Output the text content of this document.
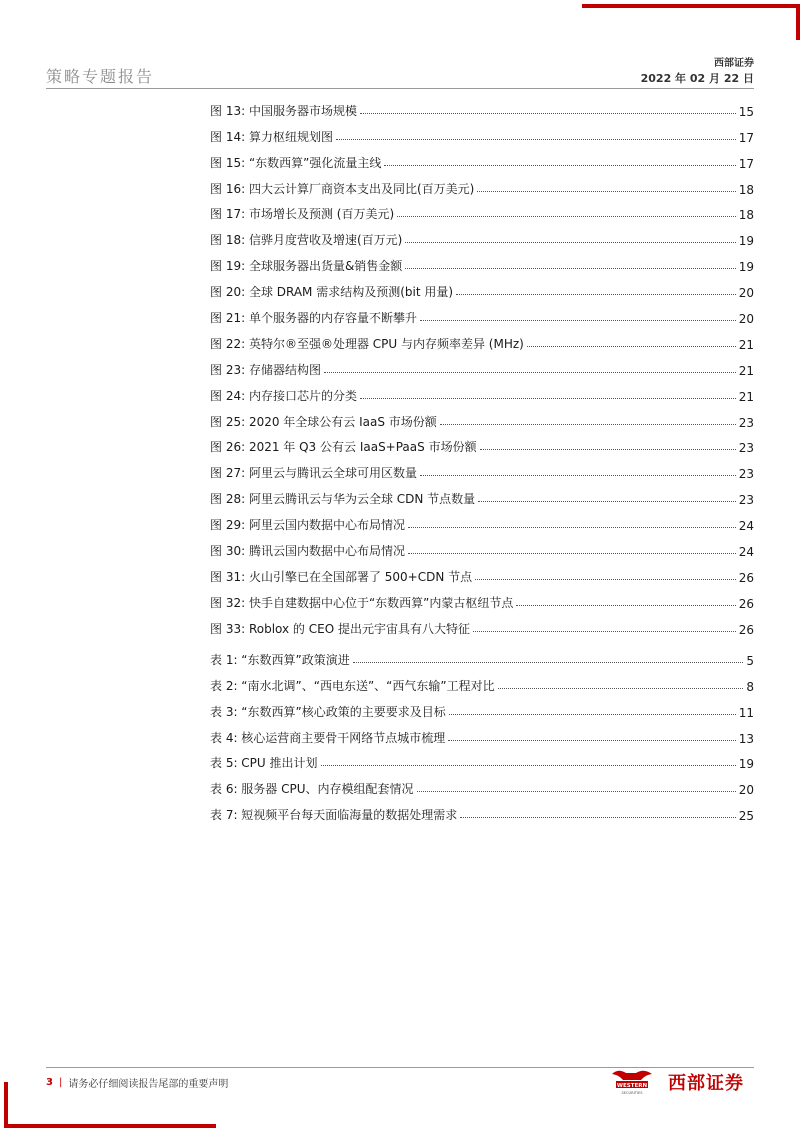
策略专题报告
西部证券
2022 年 02 月 22 日
图 13: 中国服务器市场规模	15
图 14: 算力枢纽规划图	17
图 15: “东数西算”强化流量主线	17
图 16: 四大云计算厂商资本支出及同比(百万美元)	18
图 17: 市场增长及预测 (百万美元)	18
图 18: 信骅月度营收及增速(百万元)	19
图 19: 全球服务器出货量&销售金额	19
图 20: 全球 DRAM 需求结构及预测(bit 用量)	20
图 21: 单个服务器的内存容量不断攀升	20
图 22: 英特尔®至强®处理器 CPU 与内存频率差异 (MHz)	21
图 23: 存储器结构图	21
图 24: 内存接口芯片的分类	21
图 25: 2020 年全球公有云 IaaS 市场份额	23
图 26: 2021 年 Q3 公有云 IaaS+PaaS 市场份额	23
图 27: 阿里云与腾讯云全球可用区数量	23
图 28: 阿里云腾讯云与华为云全球 CDN 节点数量	23
图 29: 阿里云国内数据中心布局情况	24
图 30: 腾讯云国内数据中心布局情况	24
图 31: 火山引擎已在全国部署了 500+CDN 节点	26
图 32: 快手自建数据中心位于“东数西算”内蒙古枢纽节点	26
图 33: Roblox 的 CEO 提出元宇宙具有八大特征	26
表 1: “东数西算”政策演进	5
表 2: “南水北调”、“西电东送”、“西气东输”工程对比	8
表 3: “东数西算”核心政策的主要要求及目标	11
表 4: 核心运营商主要骨干网络节点城市梳理	13
表 5: CPU 推出计划	19
表 6: 服务器 CPU、内存模组配套情况	20
表 7: 短视频平台每天面临海量的数据处理需求	25
3 | 请务必仔细阅读报告尾部的重要声明	WESTERN
SECURITIES 西部证券
